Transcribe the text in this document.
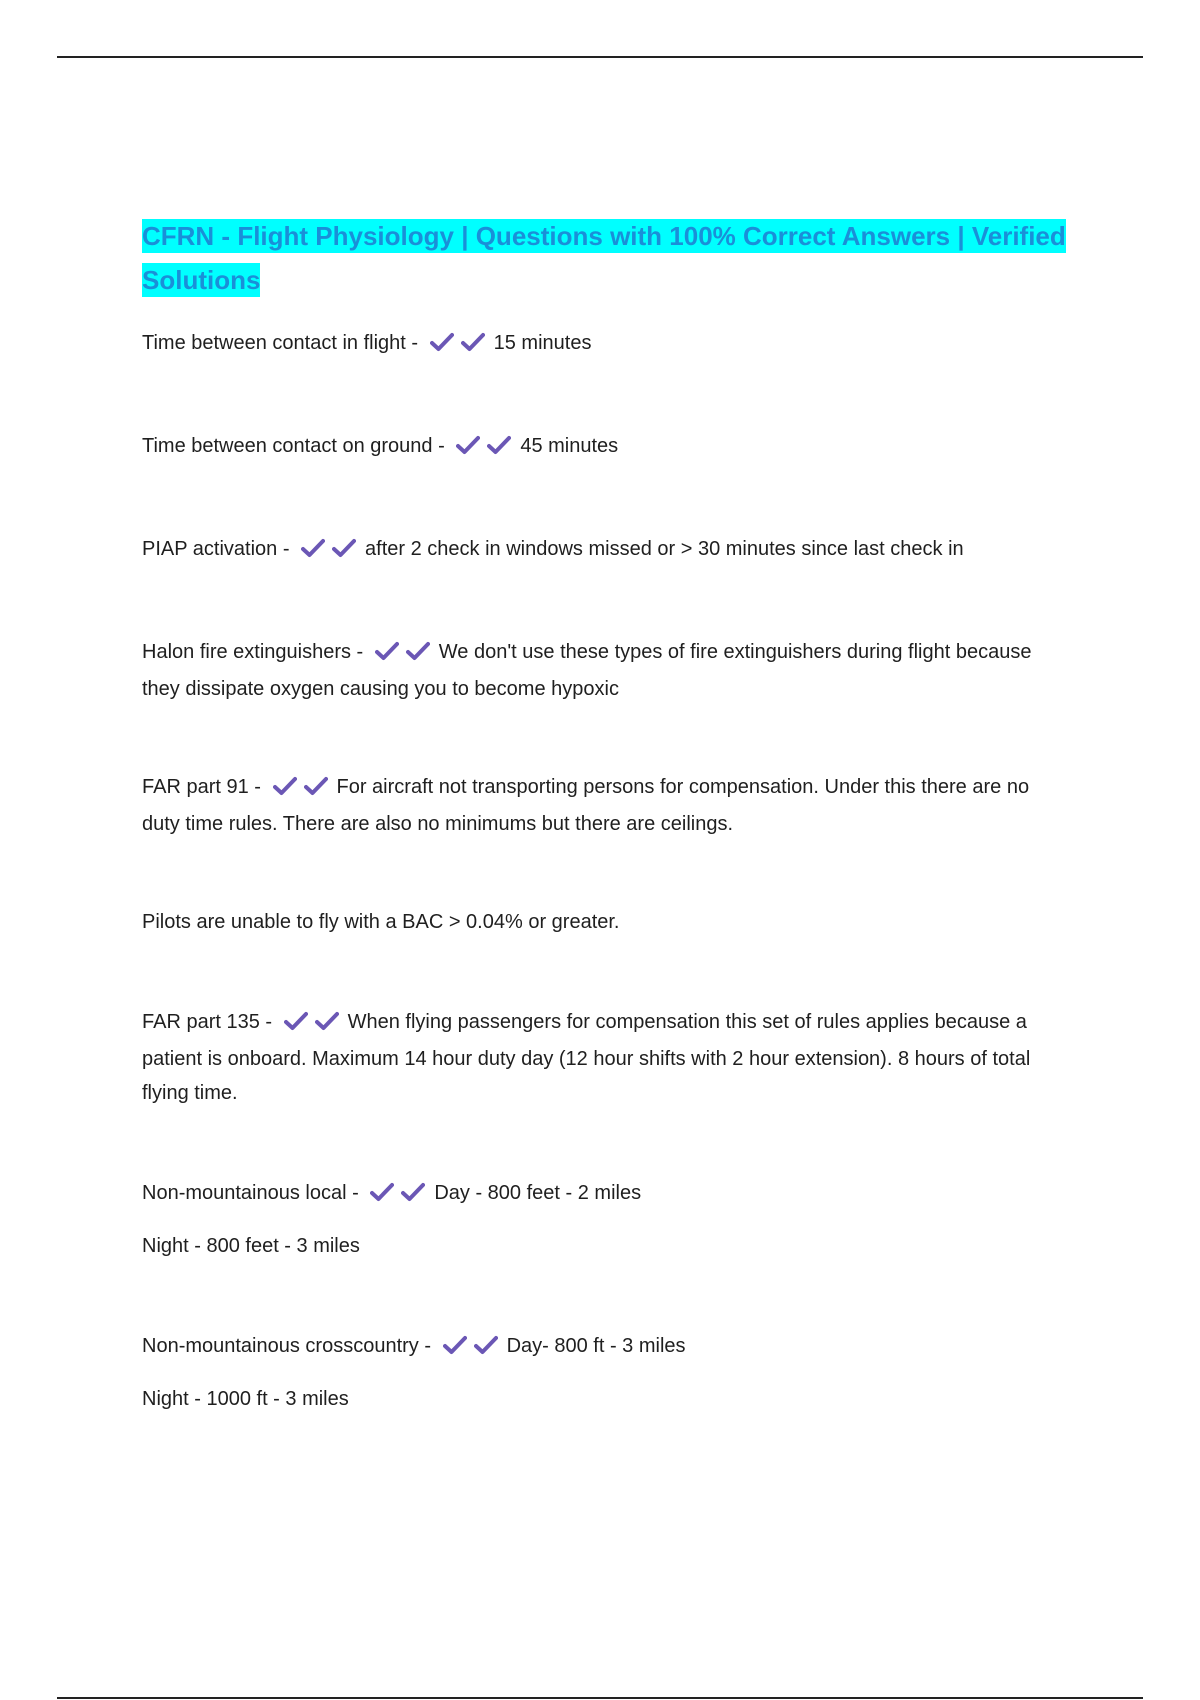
CFRN - Flight Physiology | Questions with 100% Correct Answers | Verified Solutions

Time between contact in flight -	15 minutes

Time between contact on ground -	45 minutes

PIAP activation -	after 2 check in windows missed or > 30 minutes since last check in

Halon fire extinguishers -	We don't use these types of fire extinguishers during flight because they dissipate oxygen causing you to become hypoxic

FAR part 91 -	For aircraft not transporting persons for compensation. Under this there are no duty time rules. There are also no minimums but there are ceilings.

Pilots are unable to fly with a BAC > 0.04% or greater.

FAR part 135 -	When flying passengers for compensation this set of rules applies because a patient is onboard. Maximum 14 hour duty day (12 hour shifts with 2 hour extension). 8 hours of total flying time.

Non-mountainous local -	Day - 800 feet - 2 miles

Night - 800 feet - 3 miles

Non-mountainous crosscountry -	Day- 800 ft - 3 miles

Night - 1000 ft - 3 miles
